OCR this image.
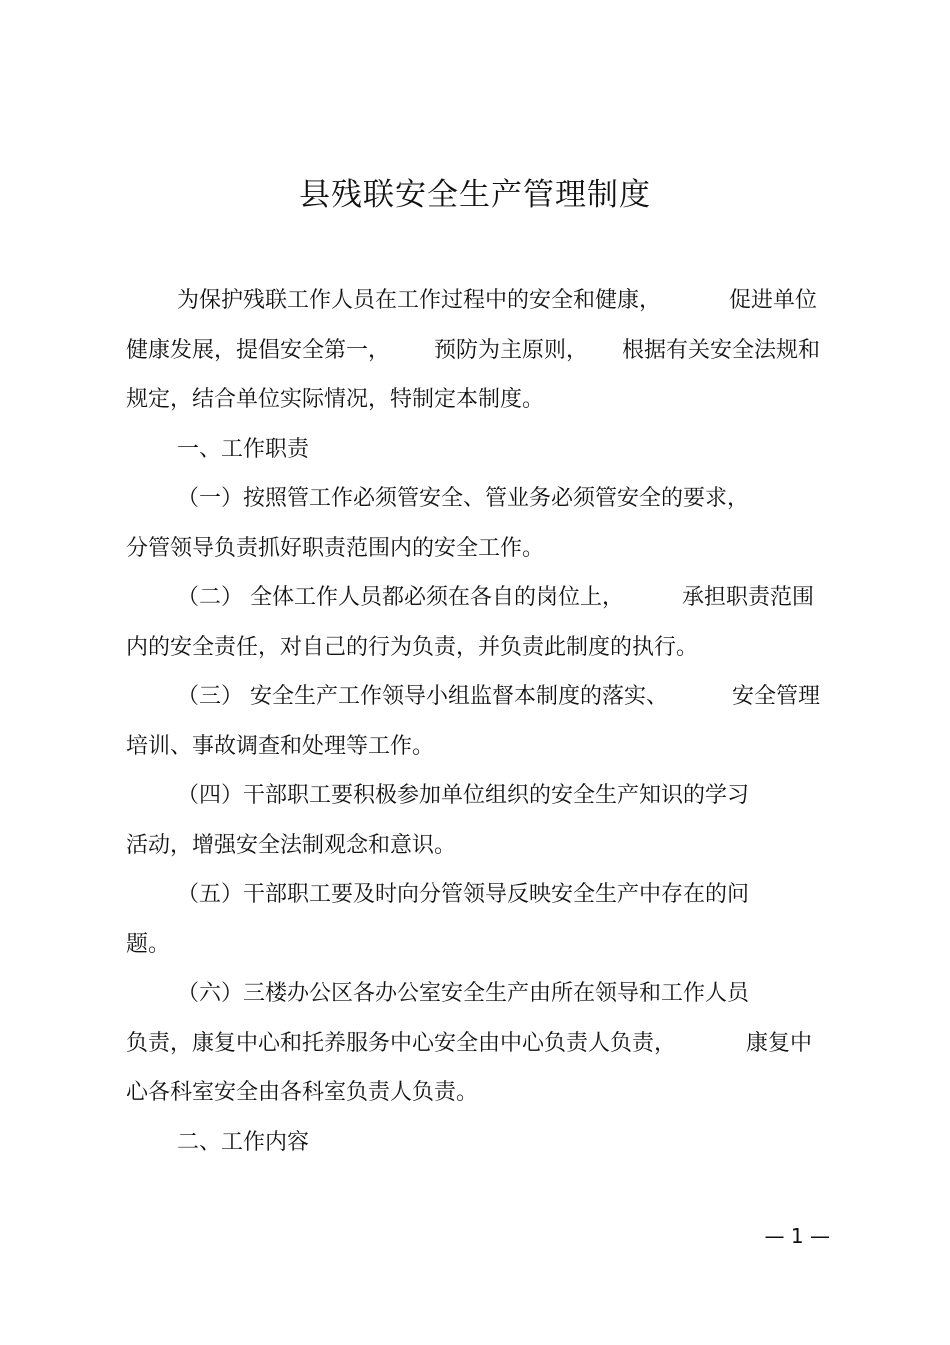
县残联安全生产管理制度

为保护残联工作人员在工作过程中的安全和健康，	促进单位

健康发展，提倡安全第一， 预防为主原则， 根据有关安全法规和

规定，结合单位实际情况，特制定本制度。

一、工作职责

（一）按照管工作必须管安全、管业务必须管安全的要求，

分管领导负责抓好职责范围内的安全工作。

（二） 全体工作人员都必须在各自的岗位上，	承担职责范围

内的安全责任，对自己的行为负责，并负责此制度的执行。

（三） 安全生产工作领导小组监督本制度的落实、	安全管理

培训、事故调查和处理等工作。

（四）干部职工要积极参加单位组织的安全生产知识的学习

活动，增强安全法制观念和意识。

（五）干部职工要及时向分管领导反映安全生产中存在的问

题。

（六）三楼办公区各办公室安全生产由所在领导和工作人员

负责，康复中心和托养服务中心安全由中心负责人负责，	康复中

心各科室安全由各科室负责人负责。

二、工作内容

— 1 —
